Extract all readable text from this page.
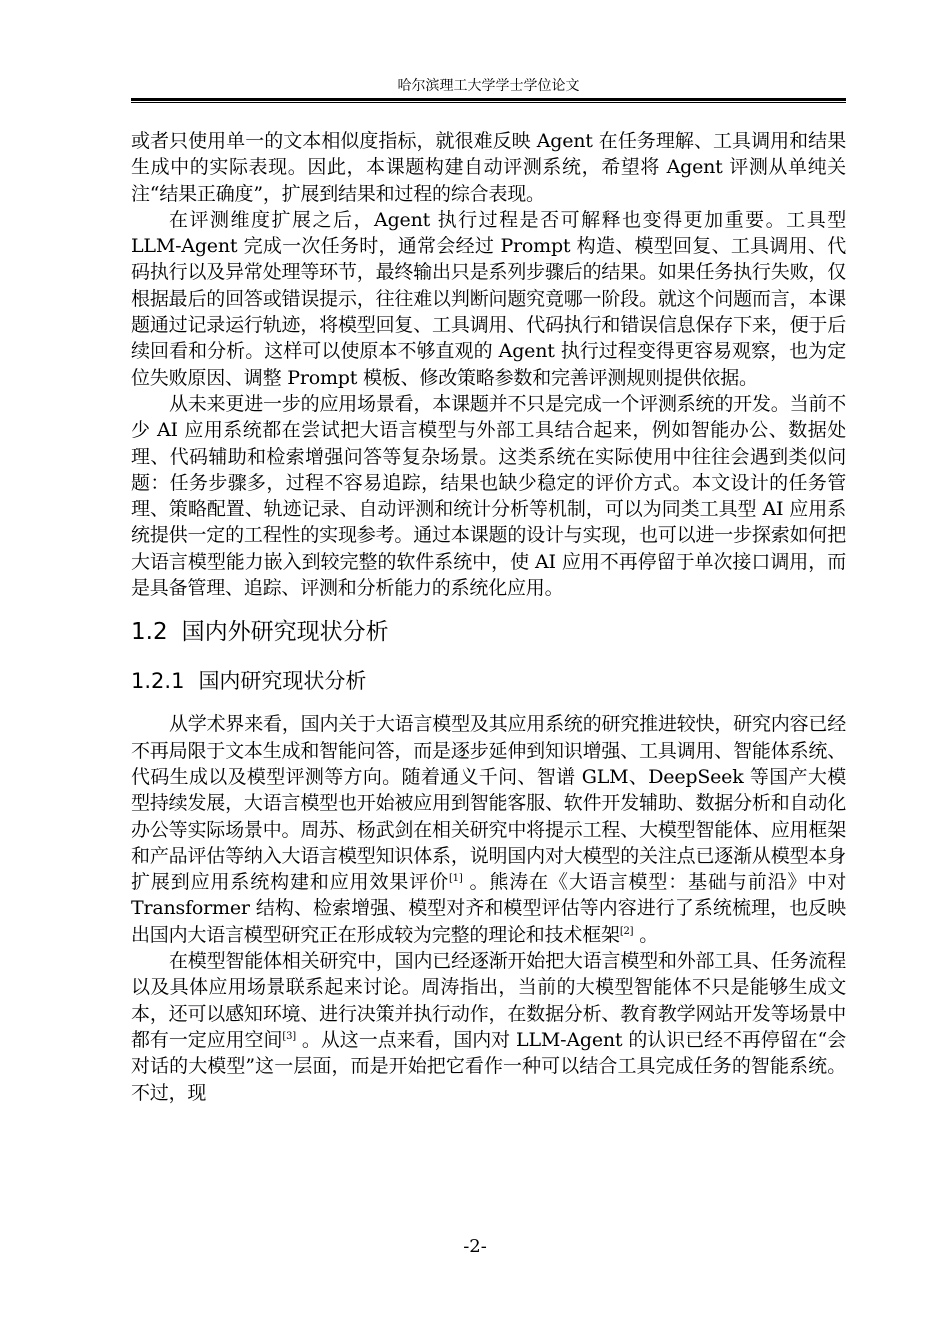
哈尔滨理工大学学士学位论文

或者只使用单一的文本相似度指标，就很难反映 Agent 在任务理解、工具调用和结果生成中的实际表现。因此，本课题构建自动评测系统，希望将 Agent 评测从单纯关注“结果正确度”，扩展到结果和过程的综合表现。

在评测维度扩展之后，Agent 执行过程是否可解释也变得更加重要。工具型 LLM-Agent 完成一次任务时，通常会经过 Prompt 构造、模型回复、工具调用、代码执行以及异常处理等环节，最终输出只是系列步骤后的结果。如果任务执行失败，仅根据最后的回答或错误提示，往往难以判断问题究竟哪一阶段。就这个问题而言，本课题通过记录运行轨迹，将模型回复、工具调用、代码执行和错误信息保存下来，便于后续回看和分析。这样可以使原本不够直观的 Agent 执行过程变得更容易观察，也为定位失败原因、调整 Prompt 模板、修改策略参数和完善评测规则提供依据。

从未来更进一步的应用场景看，本课题并不只是完成一个评测系统的开发。当前不少 AI 应用系统都在尝试把大语言模型与外部工具结合起来，例如智能办公、数据处理、代码辅助和检索增强问答等复杂场景。这类系统在实际使用中往往会遇到类似问题：任务步骤多，过程不容易追踪，结果也缺少稳定的评价方式。本文设计的任务管理、策略配置、轨迹记录、自动评测和统计分析等机制，可以为同类工具型 AI 应用系统提供一定的工程性的实现参考。通过本课题的设计与实现，也可以进一步探索如何把大语言模型能力嵌入到较完整的软件系统中，使 AI 应用不再停留于单次接口调用，而是具备管理、追踪、评测和分析能力的系统化应用。

1.2 国内外研究现状分析
1.2.1 国内研究现状分析

从学术界来看，国内关于大语言模型及其应用系统的研究推进较快，研究内容已经不再局限于文本生成和智能问答，而是逐步延伸到知识增强、工具调用、智能体系统、代码生成以及模型评测等方向。随着通义千问、智谱 GLM、DeepSeek 等国产大模型持续发展，大语言模型也开始被应用到智能客服、软件开发辅助、数据分析和自动化办公等实际场景中。周苏、杨武剑在相关研究中将提示工程、大模型智能体、应用框架和产品评估等纳入大语言模型知识体系，说明国内对大模型的关注点已逐渐从模型本身扩展到应用系统构建和应用效果评价[1] 。熊涛在《大语言模型：基础与前沿》中对 Transformer 结构、检索增强、模型对齐和模型评估等内容进行了系统梳理，也反映出国内大语言模型研究正在形成较为完整的理论和技术框架[2] 。

在模型智能体相关研究中，国内已经逐渐开始把大语言模型和外部工具、任务流程以及具体应用场景联系起来讨论。周涛指出，当前的大模型智能体不只是能够生成文本，还可以感知环境、进行决策并执行动作，在数据分析、教育教学网站开发等场景中都有一定应用空间[3] 。从这一点来看，国内对 LLM-Agent 的认识已经不再停留在“会对话的大模型”这一层面，而是开始把它看作一种可以结合工具完成任务的智能系统。不过，现

-2-
